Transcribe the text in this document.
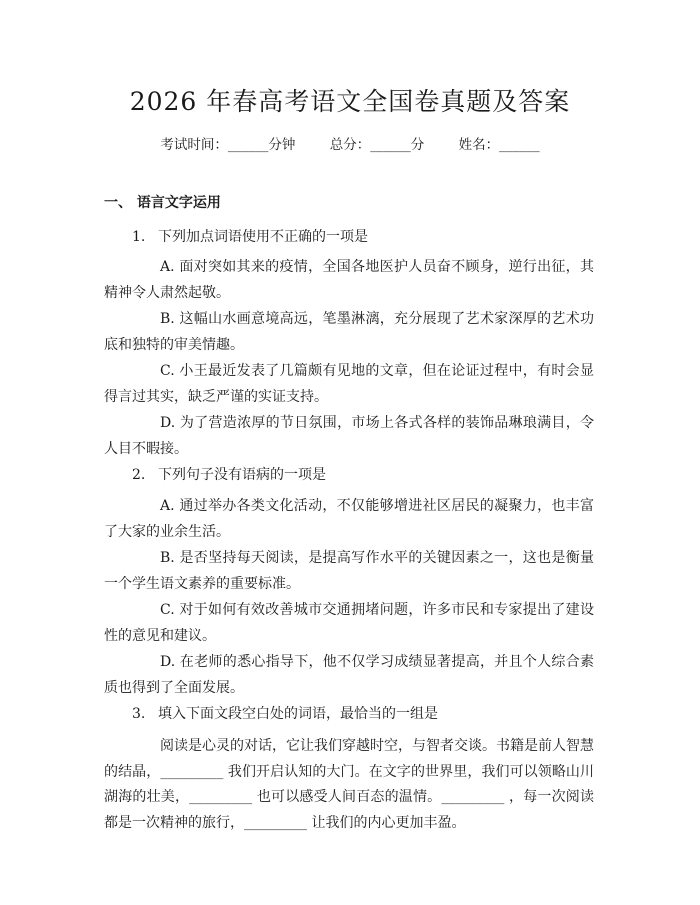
2026 年春高考语文全国卷真题及答案
考试时间：______分钟	总分：______分	姓名：______
一、 语言文字运用
1. 下列加点词语使用不正确的一项是
A. 面对突如其来的疫情，全国各地医护人员奋不顾身，逆行出征，其精神令人肃然起敬。
B. 这幅山水画意境高远，笔墨淋漓，充分展现了艺术家深厚的艺术功底和独特的审美情趣。
C. 小王最近发表了几篇颇有见地的文章，但在论证过程中，有时会显得言过其实，缺乏严谨的实证支持。
D. 为了营造浓厚的节日氛围，市场上各式各样的装饰品琳琅满目，令人目不暇接。
2. 下列句子没有语病的一项是
A. 通过举办各类文化活动，不仅能够增进社区居民的凝聚力，也丰富了大家的业余生活。
B. 是否坚持每天阅读，是提高写作水平的关键因素之一，这也是衡量一个学生语文素养的重要标准。
C. 对于如何有效改善城市交通拥堵问题，许多市民和专家提出了建设性的意见和建议。
D. 在老师的悉心指导下，他不仅学习成绩显著提高，并且个人综合素质也得到了全面发展。
3. 填入下面文段空白处的词语，最恰当的一组是
阅读是心灵的对话，它让我们穿越时空，与智者交谈。书籍是前人智慧的结晶，_________ 我们开启认知的大门。在文字的世界里，我们可以领略山川湖海的壮美，_________ 也可以感受人间百态的温情。_________ ，每一次阅读都是一次精神的旅行，_________ 让我们的内心更加丰盈。
